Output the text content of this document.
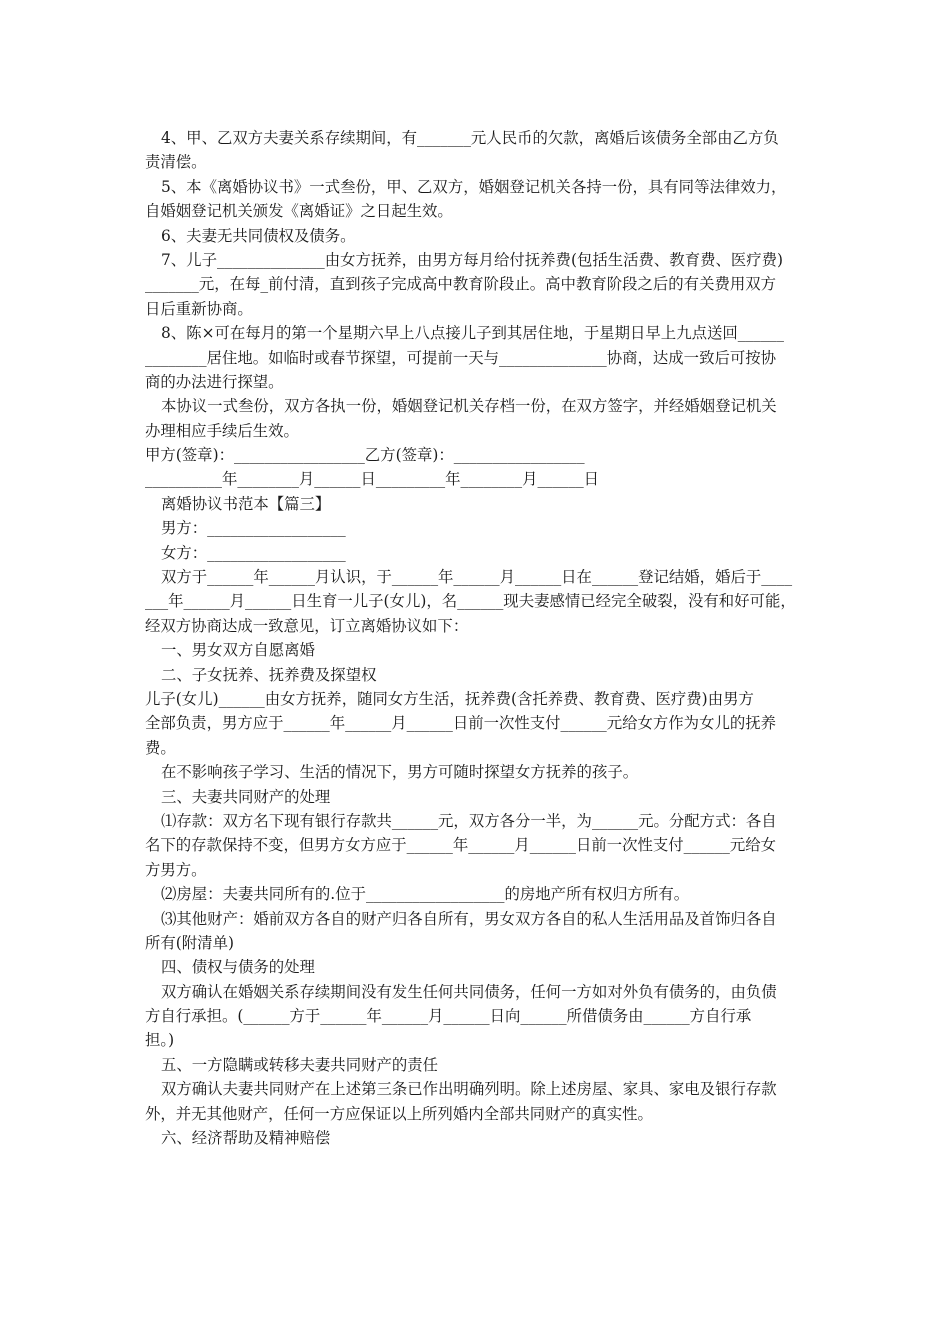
4、甲、乙双方夫妻关系存续期间，有_______元人民币的欠款，离婚后该债务全部由乙方负
责清偿。
5、本《离婚协议书》一式叁份，甲、乙双方，婚姻登记机关各持一份，具有同等法律效力，
自婚姻登记机关颁发《离婚证》之日起生效。
6、夫妻无共同债权及债务。
7、儿子______________由女方抚养，由男方每月给付抚养费(包括生活费、教育费、医疗费)
_______元，在每_前付清，直到孩子完成高中教育阶段止。高中教育阶段之后的有关费用双方
日后重新协商。
8、陈×可在每月的第一个星期六早上八点接儿子到其居住地，于星期日早上九点送回______
________居住地。如临时或春节探望，可提前一天与______________协商，达成一致后可按协
商的办法进行探望。
本协议一式叁份，双方各执一份，婚姻登记机关存档一份，在双方签字，并经婚姻登记机关
办理相应手续后生效。
甲方(签章)：_________________乙方(签章)：_________________
__________年________月______日_________年________月______日
离婚协议书范本【篇三】
男方：__________________
女方：__________________
双方于______年______月认识，于______年______月______日在______登记结婚，婚后于____
___年______月______日生育一儿子(女儿)，名______现夫妻感情已经完全破裂，没有和好可能，
经双方协商达成一致意见，订立离婚协议如下：
一、男女双方自愿离婚
二、子女抚养、抚养费及探望权
儿子(女儿)______由女方抚养，随同女方生活，抚养费(含托养费、教育费、医疗费)由男方
全部负责，男方应于______年______月______日前一次性支付______元给女方作为女儿的抚养
费。
在不影响孩子学习、生活的情况下，男方可随时探望女方抚养的孩子。
三、夫妻共同财产的处理
⑴存款：双方名下现有银行存款共______元，双方各分一半，为______元。分配方式：各自
名下的存款保持不变，但男方女方应于______年______月______日前一次性支付______元给女
方男方。
⑵房屋：夫妻共同所有的.位于__________________的房地产所有权归方所有。
⑶其他财产：婚前双方各自的财产归各自所有，男女双方各自的私人生活用品及首饰归各自
所有(附清单)
四、债权与债务的处理
双方确认在婚姻关系存续期间没有发生任何共同债务，任何一方如对外负有债务的，由负债
方自行承担。(______方于______年______月______日向______所借债务由______方自行承
担。)
五、一方隐瞒或转移夫妻共同财产的责任
双方确认夫妻共同财产在上述第三条已作出明确列明。除上述房屋、家具、家电及银行存款
外，并无其他财产，任何一方应保证以上所列婚内全部共同财产的真实性。
六、经济帮助及精神赔偿
